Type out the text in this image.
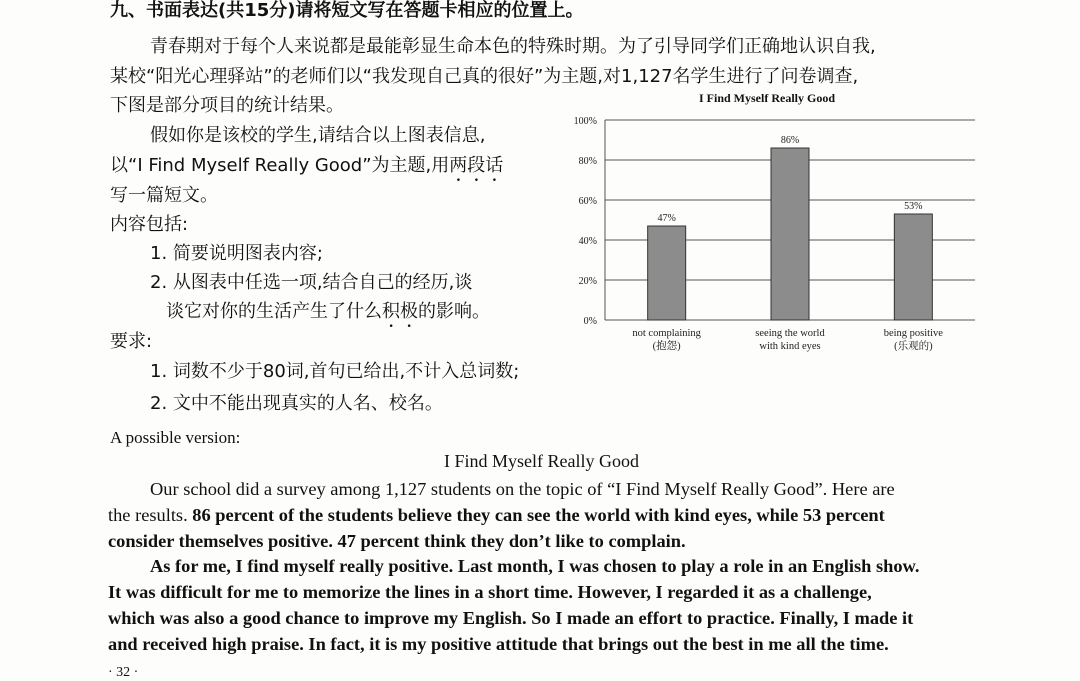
九、书面表达(共15分)请将短文写在答题卡相应的位置上。
青春期对于每个人来说都是最能彰显生命本色的特殊时期。为了引导同学们正确地认识自我,
某校“阳光心理驿站”的老师们以“我发现自己真的很好”为主题,对1,127名学生进行了问卷调查,
下图是部分项目的统计结果。
假如你是该校的学生,请结合以上图表信息,
以“I Find Myself Really Good”为主题,用两段话
写一篇短文。
内容包括:
1. 简要说明图表内容;
2. 从图表中任选一项,结合自己的经历,谈
谈它对你的生活产生了什么积极的影响。
要求:
1. 词数不少于80词,首句已给出,不计入总词数;
2. 文中不能出现真实的人名、校名。
I Find Myself Really Good
0%
20%
40%
60%
80%
100%
47%
86%
53%
not complaining
(抱怨)
seeing the world
with kind eyes
being positive
(乐观的)
A possible version:
I Find Myself Really Good
Our school did a survey among 1,127 students on the topic of “I Find Myself Really Good”. Here are
the results. 86 percent of the students believe they can see the world with kind eyes, while 53 percent
consider themselves positive. 47 percent think they don’t like to complain.
As for me, I find myself really positive. Last month, I was chosen to play a role in an English show.
It was difficult for me to memorize the lines in a short time. However, I regarded it as a challenge,
which was also a good chance to improve my English. So I made an effort to practice. Finally, I made it
and received high praise. In fact, it is my positive attitude that brings out the best in me all the time.
· 32 ·
